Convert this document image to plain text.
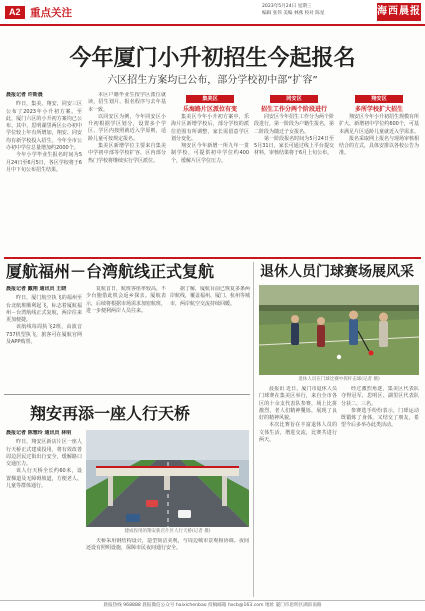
A2 重点关注
2023年5月24日 星期三
编辑 张伟 美编 林燕 校对 陈星	海西晨报
今年厦门小升初招生今起报名
六区招生方案均已公布，部分学校初中部“扩容”
晨报记者 许斯晨

昨日，集美、翔安、同安三区公布了2023年小升初方案。至此，厦门六区的小升初方案均已公布。其中，思明湖里两区公办初中学位较上年有所增加，翔安、同安均有新学校投入招生，今年全市公办初中学位总量增加约2000个。

今年小学毕业生报名时间为5月24日至6月5日，各区学校将于6月中下旬公布招生结果。

本区户籍毕业生按学区派位就读，招生划片、报名程序与去年基本一致。

以同安区为例，今年同安区小升初根据学区划分，设置多个学区，学区内按照就近入学原则，适龄儿童可按规定报名。

集美区新增学位主要来自集美中学初中部等学校扩容，区内部分热门学校将继续实行学区派位。

集美区
乐海路片区派位有变

集美区今年小升初方案中，乐海片区新增学校后，部分学校的派位范围有所调整，家长需留意学区划分变化。

翔安区今年新增一所九年一贯制学校，可提供初中学位约400个，缓解片区学位压力。

同安区
招生工作分两个阶段进行

同安区今年招生工作分为两个阶段进行，第一阶段为户籍生报名，第二阶段为随迁子女报名。

第一阶段报名时间为5月24日至5月31日，家长可通过线上平台提交材料，审核结果将于6月上旬公布。

翔安区
多所学校扩大招生

翔安区今年小升初招生规模有所扩大，新增初中学位约600个，可基本满足片区适龄儿童就近入学需求。

报名采取网上报名与现场审核相结合的方式，具体安排以各校公告为准。

厦航福州－台湾航线正式复航
晨报记者 戴翔 通讯员 王晓

昨日，厦门航空执飞的福州至台北航班顺利起飞，标志着厦航福州－台湾航线正式复航，两岸往来更加便捷。

该航线每周执飞2班，由波音737机型执飞，旅客可在厦航官网及APP购票。

复航首日，航班客座率较高，不少台胞借此机会返乡探亲。厦航表示，后续将根据市场需求加密航班，进一步便利两岸人员往来。

据了解，厦航目前已恢复多条两岸航线，覆盖福州、厦门、杭州等城市，两岸航空交流持续回暖。

退休人员门球赛场展风采
退休人员在门球比赛中挥杆击球(记者 摄)

晨报讯 近日，厦门市退休人员门球赛在集美区举行，来自全市各区的十余支代表队参赛，场上比拼激烈，老人们精神矍铄，展现了良好的精神风貌。

本次比赛旨在丰富退休人员的文体生活，增进交流，比赛共进行两天。

经过激烈角逐，集美区代表队夺得冠军，思明区、湖里区代表队分获二、三名。

参赛选手纷纷表示，门球运动既锻炼了身体，又结交了朋友，希望今后多举办此类活动。

翔安再添一座人行天桥
晨报记者 陈雅玲 通讯员 林明

昨日，翔安区新店片区一座人行天桥正式建成投用，将有效改善周边居民过街出行安全，缓解路口交通压力。

该人行天桥全长约60米，设置梯道及无障碍坡道，方便老人、儿童等群体通行。

建成投用的翔安新店片区人行天桥(记者 摄)

天桥采用钢结构设计，造型简洁美观，与周边城市景观相协调。夜间还设有照明设施，保障市民夜间通行安全。

晨报热线 968888 晨报微信公众号 haixichenbao 投稿邮箱 hxcb@163.com 地址 厦门市思明区湖滨南路
